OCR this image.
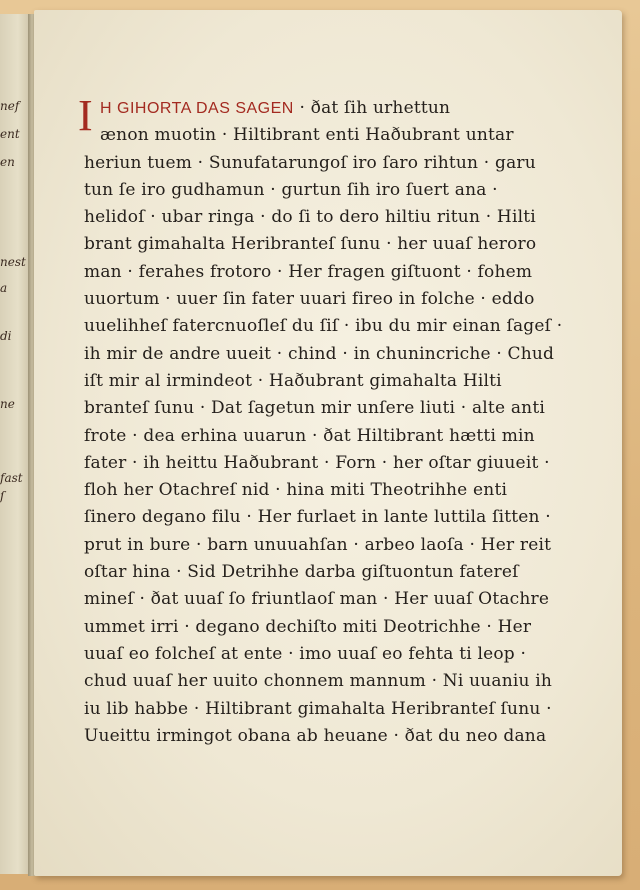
nef
ent
en
nest
a
di
ne
fast
ſ
I H GIHORTA DAS SAGEN · ðat ſih urhettun
ænon muotin · Hiltibrant enti Haðubrant untar
heriun tuem · Sunufatarungoſ iro ſaro rihtun · garu
tun ſe iro gudhamun · gurtun ſih iro ſuert ana ·
helidoſ · ubar ringa · do ſi to dero hiltiu ritun · Hilti
brant gimahalta Heribranteſ ſunu · her uuaſ heroro
man · ferahes frotoro · Her fragen giſtuont · fohem
uuortum · uuer ſin fater uuari fireo in folche · eddo
uuelihheſ fatercnuoſleſ du ſiſ · ibu du mir einan ſageſ ·
ih mir de andre uueit · chind · in chunincriche · Chud
iſt mir al irmindeot · Haðubrant gimahalta Hilti
branteſ ſunu · Dat ſagetun mir unſere liuti · alte anti
frote · dea erhina uuarun · ðat Hiltibrant hætti min
fater · ih heittu Haðubrant · Forn · her oſtar giuueit ·
floh her Otachreſ nid · hina miti Theotrihhe enti
ſinero degano filu · Her furlaet in lante luttila ſitten ·
prut in bure · barn unuuahſan · arbeo laoſa · Her reit
oſtar hina · Sid Detrihhe darba giſtuontun fatereſ
mineſ · ðat uuaſ ſo friuntlaoſ man · Her uuaſ Otachre
ummet irri · degano dechiſto miti Deotrichhe · Her
uuaſ eo folcheſ at ente · imo uuaſ eo fehta ti leop ·
chud uuaſ her uuito chonnem mannum · Ni uuaniu ih
iu lib habbe · Hiltibrant gimahalta Heribranteſ ſunu ·
Uueittu irmingot obana ab heuane · ðat du neo dana
